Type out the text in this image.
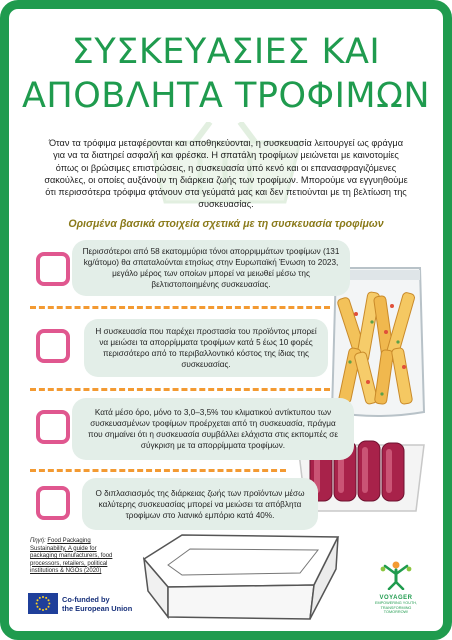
ΣΥΣΚΕΥΑΣΙΕΣ ΚΑΙ
ΑΠΟΒΛΗΤΑ ΤΡΟΦΙΜΩΝ
Όταν τα τρόφιμα μεταφέρονται και αποθηκεύονται, η συσκευασία λειτουργεί ως φράγμα για να τα διατηρεί ασφαλή και φρέσκα. Η σπατάλη τροφίμων μειώνεται με καινοτομίες όπως οι βρώσιμες επιστρώσεις, η συσκευασία υπό κενό και οι επανασφραγιζόμενες σακούλες, οι οποίες αυξάνουν τη διάρκεια ζωής των τροφίμων. Μπορούμε να εγγυηθούμε ότι περισσότερα τρόφιμα φτάνουν στα γεύματά μας και δεν πετιούνται με τη βελτίωση της συσκευασίας.
Ορισμένα βασικά στοιχεία σχετικά με τη συσκευασία τροφίμων
Περισσότεροι από 58 εκατομμύρια τόνοι απορριμμάτων τροφίμων (131 kg/άτομο) θα σπαταλούνται ετησίως στην Ευρωπαϊκή Ένωση το 2023, μεγάλο μέρος των οποίων μπορεί να μειωθεί μέσω της βελτιστοποιημένης συσκευασίας.
Η συσκευασία που παρέχει προστασία του προϊόντος μπορεί να μειώσει τα απορρίμματα τροφίμων κατά 5 έως 10 φορές περισσότερο από το περιβαλλοντικό κόστος της ίδιας της συσκευασίας.
Κατά μέσο όρο, μόνο το 3,0–3,5% του κλιματικού αντίκτυπου των συσκευασμένων τροφίμων προέρχεται από τη συσκευασία, πράγμα που σημαίνει ότι η συσκευασία συμβάλλει ελάχιστα στις εκπομπές σε σύγκριση με τα απορρίμματα τροφίμων.
Ο διπλασιασμός της διάρκειας ζωής των προϊόντων μέσω καλύτερης συσκευασίας μπορεί να μειώσει τα απόβλητα τροφίμων στο λιανικό εμπόριο κατά 40%.
Πηγή: Food Packaging
Sustainability, A guide for
packaging manufacturers, food
processors, retailers, political
institutions & NGOs (2020)
Co-funded by
the European Union
VOYAGER
EMPOWERING YOUTH,
TRANSFORMING
TOMORROW!
